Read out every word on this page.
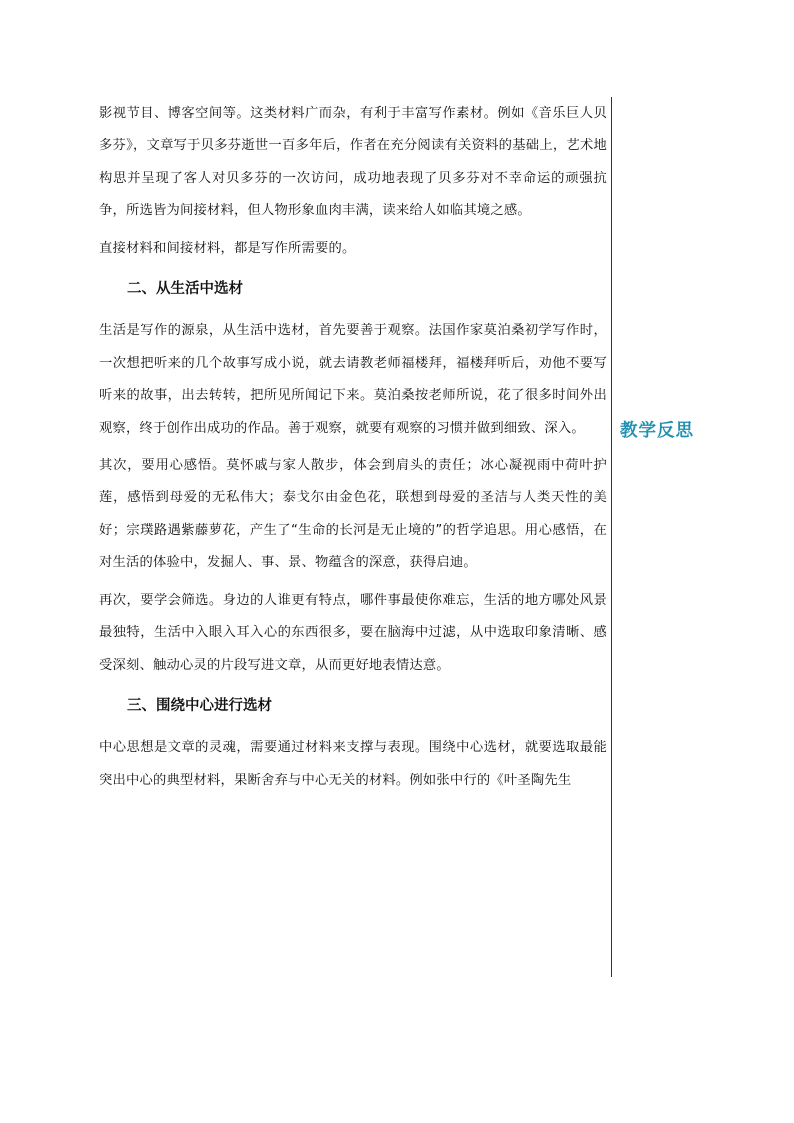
影视节目、博客空间等。这类材料广而杂，有利于丰富写作素材。例如《音乐巨人贝多芬》，文章写于贝多芬逝世一百多年后，作者在充分阅读有关资料的基础上，艺术地构思并呈现了客人对贝多芬的一次访问，成功地表现了贝多芬对不幸命运的顽强抗争，所选皆为间接材料，但人物形象血肉丰满，读来给人如临其境之感。

直接材料和间接材料，都是写作所需要的。

二、从生活中选材

生活是写作的源泉，从生活中选材，首先要善于观察。法国作家莫泊桑初学写作时，一次想把听来的几个故事写成小说，就去请教老师福楼拜，福楼拜听后，劝他不要写听来的故事，出去转转，把所见所闻记下来。莫泊桑按老师所说，花了很多时间外出观察，终于创作出成功的作品。善于观察，就要有观察的习惯并做到细致、深入。

其次，要用心感悟。莫怀戚与家人散步，体会到肩头的责任；冰心凝视雨中荷叶护莲，感悟到母爱的无私伟大；泰戈尔由金色花，联想到母爱的圣洁与人类天性的美好；宗璞路遇紫藤萝花，产生了“生命的长河是无止境的”的哲学追思。用心感悟，在对生活的体验中，发掘人、事、景、物蕴含的深意，获得启迪。

再次，要学会筛选。身边的人谁更有特点，哪件事最使你难忘，生活的地方哪处风景最独特，生活中入眼入耳入心的东西很多，要在脑海中过滤，从中选取印象清晰、感受深刻、触动心灵的片段写进文章，从而更好地表情达意。

三、围绕中心进行选材

中心思想是文章的灵魂，需要通过材料来支撑与表现。围绕中心选材，就要选取最能突出中心的典型材料，果断舍弃与中心无关的材料。例如张中行的《叶圣陶先生

教学反思
